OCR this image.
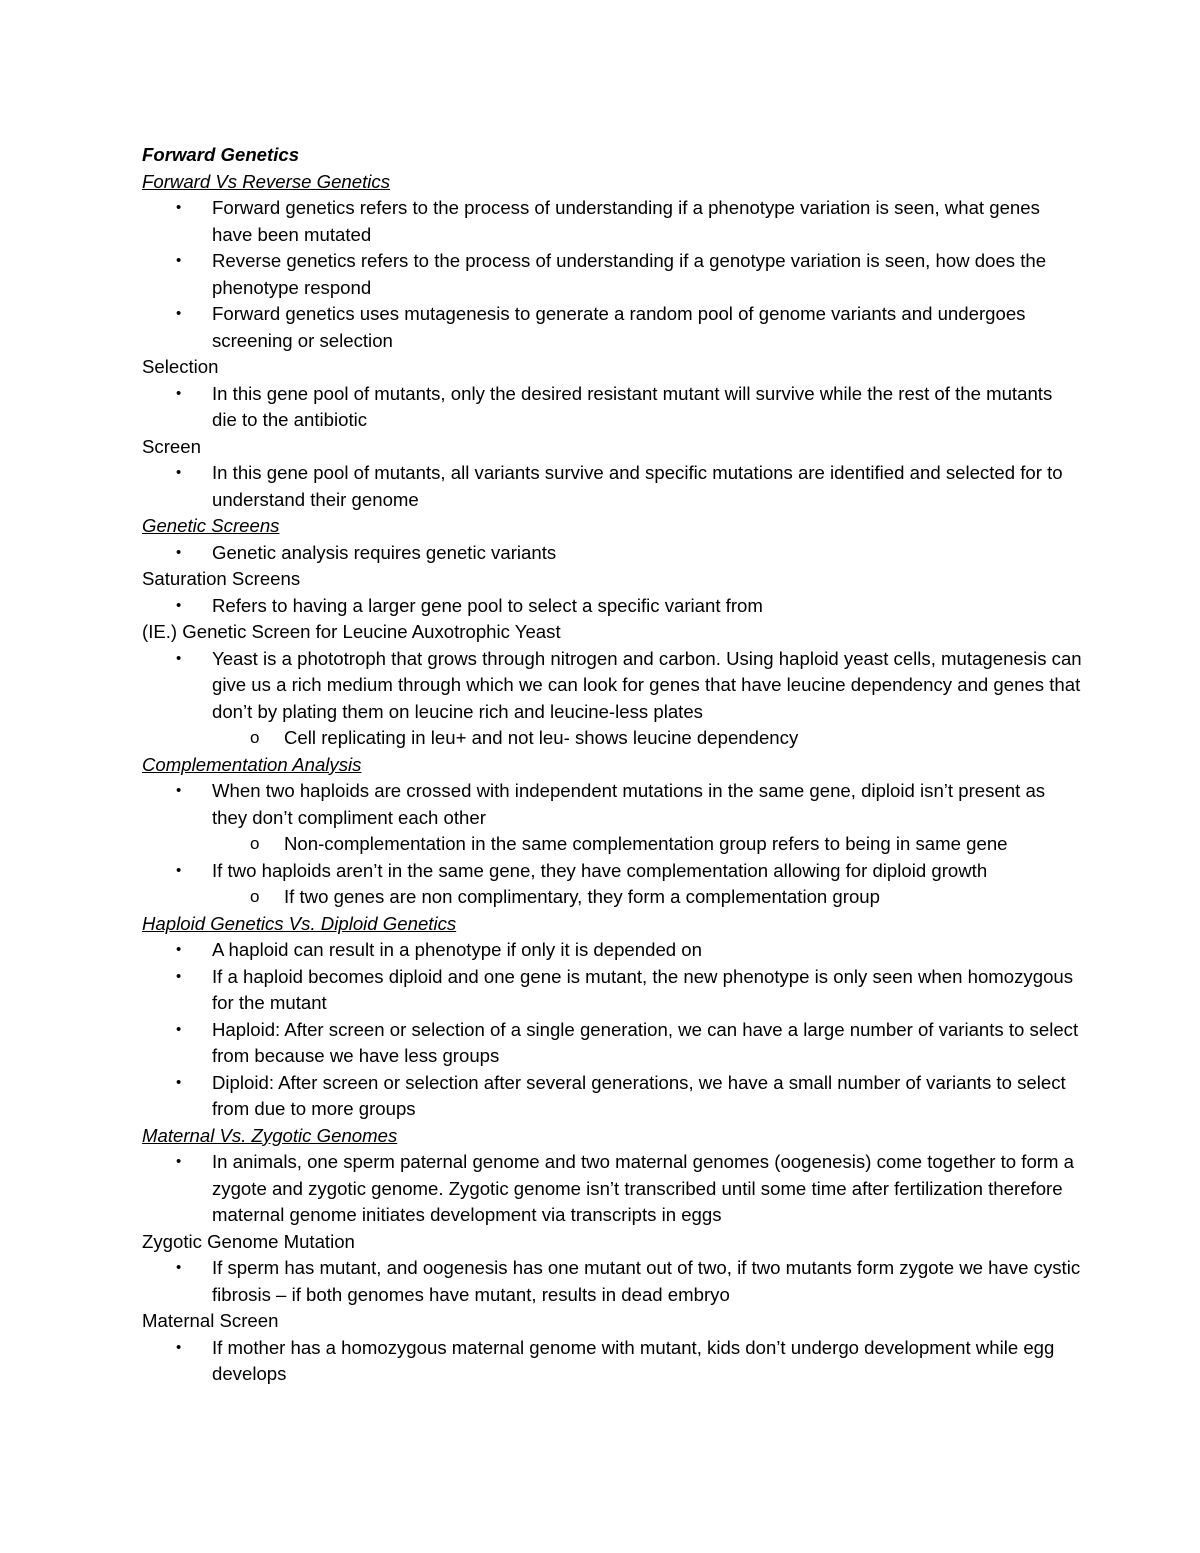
Forward Genetics
Forward Vs Reverse Genetics
• Forward genetics refers to the process of understanding if a phenotype variation is seen, what genes have been mutated
• Reverse genetics refers to the process of understanding if a genotype variation is seen, how does the phenotype respond
• Forward genetics uses mutagenesis to generate a random pool of genome variants and undergoes screening or selection
Selection
• In this gene pool of mutants, only the desired resistant mutant will survive while the rest of the mutants die to the antibiotic
Screen
• In this gene pool of mutants, all variants survive and specific mutations are identified and selected for to understand their genome
Genetic Screens
• Genetic analysis requires genetic variants
Saturation Screens
• Refers to having a larger gene pool to select a specific variant from
(IE.) Genetic Screen for Leucine Auxotrophic Yeast
• Yeast is a phototroph that grows through nitrogen and carbon. Using haploid yeast cells, mutagenesis can give us a rich medium through which we can look for genes that have leucine dependency and genes that don’t by plating them on leucine rich and leucine-less plates
o Cell replicating in leu+ and not leu- shows leucine dependency
Complementation Analysis
• When two haploids are crossed with independent mutations in the same gene, diploid isn’t present as they don’t compliment each other
o Non-complementation in the same complementation group refers to being in same gene
• If two haploids aren’t in the same gene, they have complementation allowing for diploid growth
o If two genes are non complimentary, they form a complementation group
Haploid Genetics Vs. Diploid Genetics
• A haploid can result in a phenotype if only it is depended on
• If a haploid becomes diploid and one gene is mutant, the new phenotype is only seen when homozygous for the mutant
• Haploid: After screen or selection of a single generation, we can have a large number of variants to select from because we have less groups
• Diploid: After screen or selection after several generations, we have a small number of variants to select from due to more groups
Maternal Vs. Zygotic Genomes
• In animals, one sperm paternal genome and two maternal genomes (oogenesis) come together to form a zygote and zygotic genome. Zygotic genome isn’t transcribed until some time after fertilization therefore maternal genome initiates development via transcripts in eggs
Zygotic Genome Mutation
• If sperm has mutant, and oogenesis has one mutant out of two, if two mutants form zygote we have cystic fibrosis – if both genomes have mutant, results in dead embryo
Maternal Screen
• If mother has a homozygous maternal genome with mutant, kids don’t undergo development while egg develops
